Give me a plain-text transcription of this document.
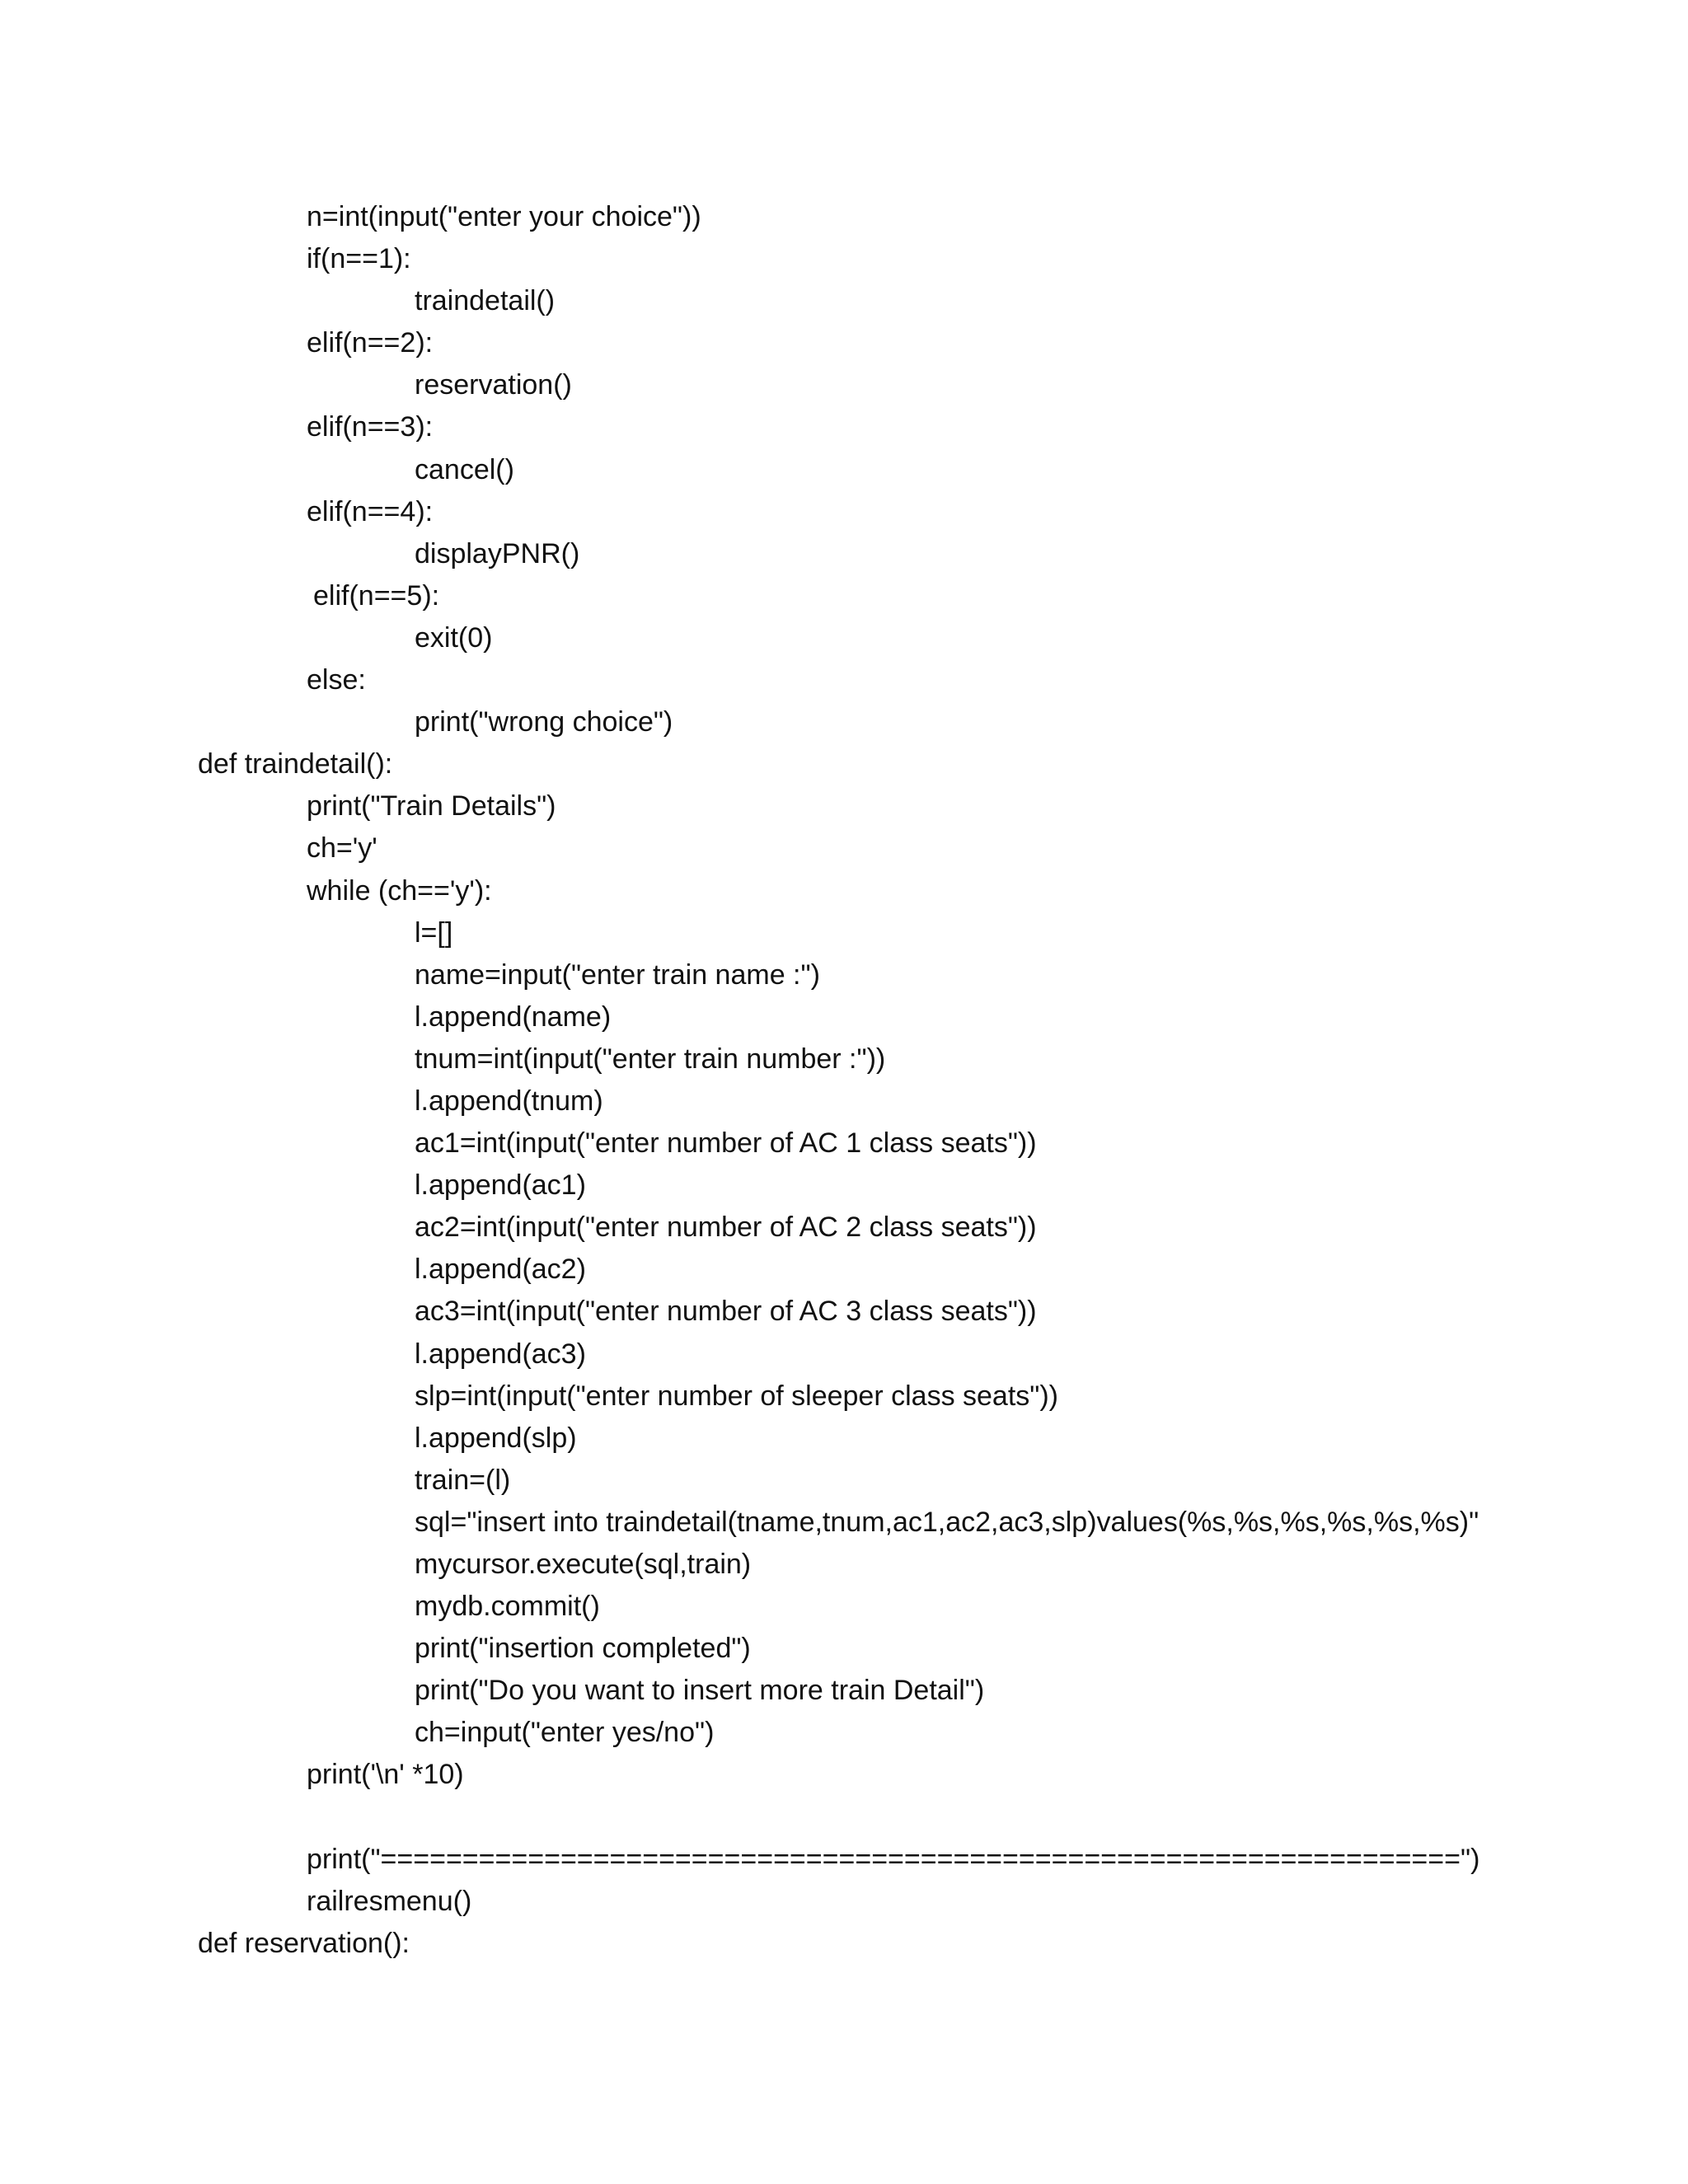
n=int(input("enter your choice"))
if(n==1):
traindetail()
elif(n==2):
reservation()
elif(n==3):
cancel()
elif(n==4):
displayPNR()
elif(n==5):
exit(0)
else:
print("wrong choice")
def traindetail():
print("Train Details")
ch='y'
while (ch=='y'):
l=[]
name=input("enter train name :")
l.append(name)
tnum=int(input("enter train number :"))
l.append(tnum)
ac1=int(input("enter number of AC 1 class seats"))
l.append(ac1)
ac2=int(input("enter number of AC 2 class seats"))
l.append(ac2)
ac3=int(input("enter number of AC 3 class seats"))
l.append(ac3)
slp=int(input("enter number of sleeper class seats"))
l.append(slp)
train=(l)
sql="insert into traindetail(tname,tnum,ac1,ac2,ac3,slp)values(%s,%s,%s,%s,%s,%s)"
mycursor.execute(sql,train)
mydb.commit()
print("insertion completed")
print("Do you want to insert more train Detail")
ch=input("enter yes/no")
print('\n' *10)
print("==================================================================")
railresmenu()
def reservation():
